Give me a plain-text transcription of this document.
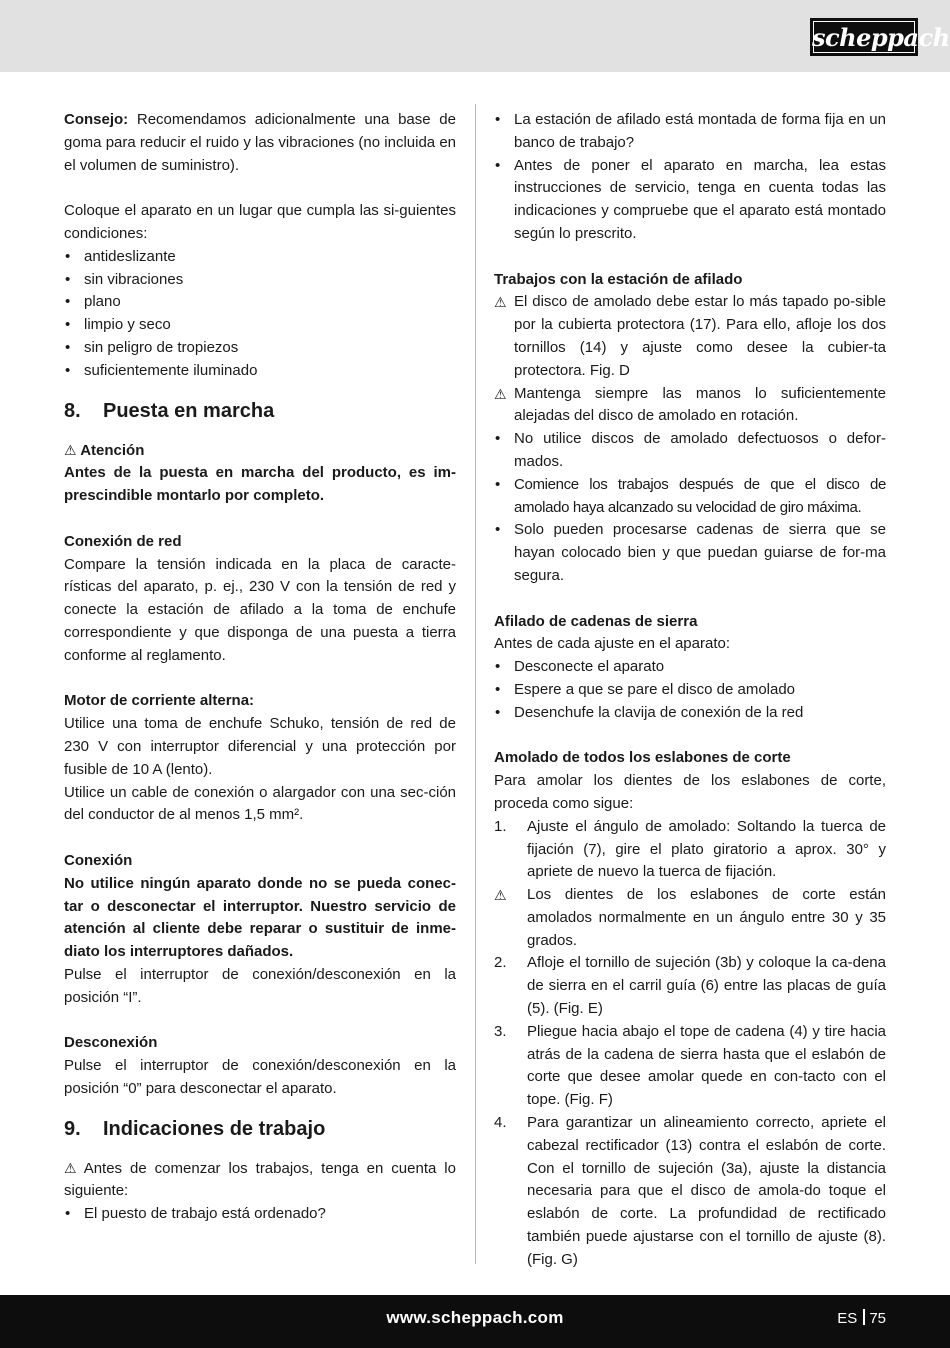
scheppach

Consejo: Recomendamos adicionalmente una base de goma para reducir el ruido y las vibraciones (no incluida en el volumen de suministro).

Coloque el aparato en un lugar que cumpla las si-guientes condiciones:

• antideslizante
• sin vibraciones
• plano
• limpio y seco
• sin peligro de tropiezos
• suficientemente iluminado
8.	Puesta en marcha

⚠ Atención

Antes de la puesta en marcha del producto, es im-prescindible montarlo por completo.

Conexión de red

Compare la tensión indicada en la placa de caracte-rísticas del aparato, p. ej., 230 V con la tensión de red y conecte la estación de afilado a la toma de enchufe correspondiente y que disponga de una puesta a tierra conforme al reglamento.

Motor de corriente alterna:

Utilice una toma de enchufe Schuko, tensión de red de 230 V con interruptor diferencial y una protección por fusible de 10 A (lento).

Utilice un cable de conexión o alargador con una sec-ción del conductor de al menos 1,5 mm².

Conexión

No utilice ningún aparato donde no se pueda conec-tar o desconectar el interruptor. Nuestro servicio de atención al cliente debe reparar o sustituir de inme-diato los interruptores dañados.

Pulse el interruptor de conexión/desconexión en la posición “I”.

Desconexión

Pulse el interruptor de conexión/desconexión en la posición “0” para desconectar el aparato.

9.	Indicaciones de trabajo

⚠ Antes de comenzar los trabajos, tenga en cuenta lo siguiente:

• El puesto de trabajo está ordenado?
• La estación de afilado está montada de forma fija en un banco de trabajo?
• Antes de poner el aparato en marcha, lea estas instrucciones de servicio, tenga en cuenta todas las indicaciones y compruebe que el aparato está montado según lo prescrito.

Trabajos con la estación de afilado

⚠ El disco de amolado debe estar lo más tapado po-sible por la cubierta protectora (17). Para ello, afloje los dos tornillos (14) y ajuste como desee la cubier-ta protectora. Fig. D
⚠ Mantenga siempre las manos lo suficientemente alejadas del disco de amolado en rotación.
• No utilice discos de amolado defectuosos o defor-mados.
• Comience los trabajos después de que el disco de amolado haya alcanzado su velocidad de giro máxima.
• Solo pueden procesarse cadenas de sierra que se hayan colocado bien y que puedan guiarse de for-ma segura.

Afilado de cadenas de sierra

Antes de cada ajuste en el aparato:

• Desconecte el aparato
• Espere a que se pare el disco de amolado
• Desenchufe la clavija de conexión de la red

Amolado de todos los eslabones de corte

Para amolar los dientes de los eslabones de corte, proceda como sigue:

1. Ajuste el ángulo de amolado: Soltando la tuerca de fijación (7), gire el plato giratorio a aprox. 30° y apriete de nuevo la tuerca de fijación.
⚠ Los dientes de los eslabones de corte están amolados normalmente en un ángulo entre 30 y 35 grados.
2. Afloje el tornillo de sujeción (3b) y coloque la ca-dena de sierra en el carril guía (6) entre las placas de guía (5). (Fig. E)
3. Pliegue hacia abajo el tope de cadena (4) y tire hacia atrás de la cadena de sierra hasta que el eslabón de corte que desee amolar quede en con-tacto con el tope. (Fig. F)
4. Para garantizar un alineamiento correcto, apriete el cabezal rectificador (13) contra el eslabón de corte. Con el tornillo de sujeción (3a), ajuste la distancia necesaria para que el disco de amola-do toque el eslabón de corte. La profundidad de rectificado también puede ajustarse con el tornillo de ajuste (8). (Fig. G)
www.scheppach.com	ES 75
